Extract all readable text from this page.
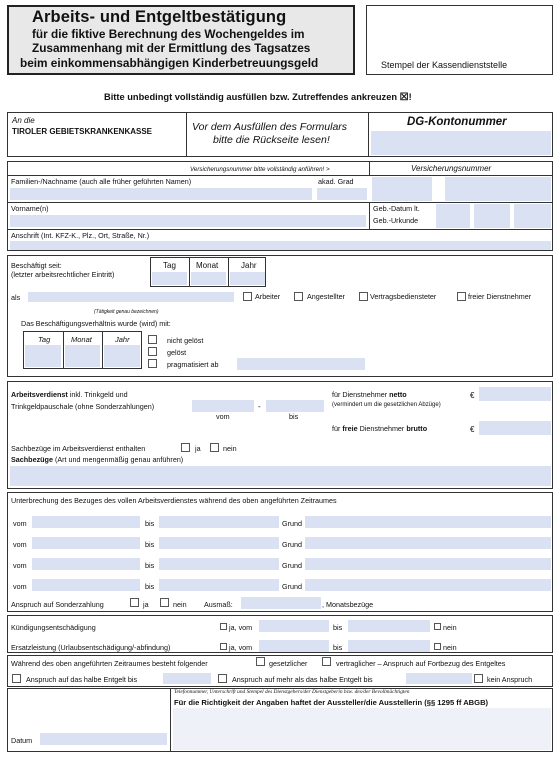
Arbeits- und Entgeltbestätigung
für die fiktive Berechnung des Wochengeldes im
Zusammenhang mit der Ermittlung des Tagsatzes
beim einkommensabhängigen Kinderbetreuungsgeld	Stempel der Kassendienststelle
Bitte unbedingt vollständig ausfüllen bzw. Zutreffendes ankreuzen ☒!
An die
TIROLER GEBIETSKRANKENKASSE	Vor dem Ausfüllen des Formulars
bitte die Rückseite lesen!
DG-Kontonummer
Versicherungsnummer bitte vollständig anführen! >	Versicherungsnummer
Familien-/Nachname (auch alle früher geführten Namen)	akad. Grad
Vorname(n)	Geb.-Datum lt.
Geb.-Urkunde
Anschrift (Int. KFZ-K., Plz., Ort, Straße, Nr.)
Beschäftigt seit:
(letzter arbeitsrechtlicher Eintritt)
Tag	Monat	Jahr
als
(Tätigkeit genau bezeichnen)
Arbeiter	Angestellter	Vertragsbediensteter	freier Dienstnehmer
Das Beschäftigungsverhältnis wurde (wird) mit:
Tag	Monat	Jahr	nicht gelöst
gelöst
pragmatisiert ab
Arbeitsverdienst inkl. Trinkgeld und
Trinkgeldpauschale (ohne Sonderzahlungen)	-
vom	bis
für Dienstnehmer netto
(vermindert um die gesetzlichen Abzüge)
€
für freie Dienstnehmer brutto	€
Sachbezüge im Arbeitsverdienst enthalten	ja	nein
Sachbezüge (Art und mengenmäßig genau anführen)
Unterbrechung des Bezuges des vollen Arbeitsverdienstes während des oben angeführten Zeitraumes
vom	bis	Grund
vom	bis	Grund
vom	bis	Grund
vom	bis	Grund
Anspruch auf Sonderzahlung	ja	nein Ausmaß:	, Monatsbezüge
Kündigungsentschädigung	ja, vom	bis	nein
Ersatzleistung (Urlaubsentschädigung/-abfindung)	ja, vom	bis	nein
Während des oben angeführten Zeitraumes besteht folgender	gesetzlicher	vertraglicher – Anspruch auf Fortbezug des Entgeltes
Anspruch auf das halbe Entgelt bis	Anspruch auf mehr als das halbe Entgelt bis	kein Anspruch
Telefonnummer, Unterschrift und Stempel des Dienstgebers/der Dienstgeberin bzw. des/der Bevollmächtigten
Für die Richtigkeit der Angaben haftet der Aussteller/die Ausstellerin (§§ 1295 ff ABGB)
Datum
